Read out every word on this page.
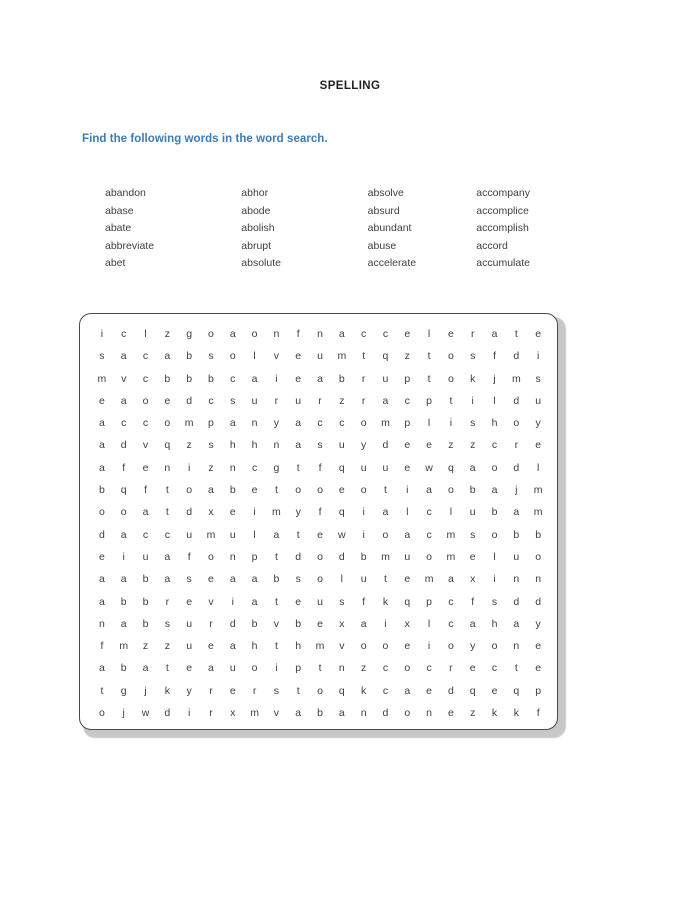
SPELLING
Find the following words in the word search.
abandon
abase
abate
abbreviate
abet
abhor
abode
abolish
abrupt
absolute
absolve
absurd
abundant
abuse
accelerate
accompany
accomplice
accomplish
accord
accumulate
i	c	l	z	g	o	a	o	n	f	n	a	c	c	e	l	e	r	a	t	e
s	a	c	a	b	s	o	l	v	e	u	m	t	q	z	t	o	s	f	d	i
m	v	c	b	b	b	c	a	i	e	a	b	r	u	p	t	o	k	j	m	s
e	a	o	e	d	c	s	u	r	u	r	z	r	a	c	p	t	i	l	d	u
a	c	c	o	m	p	a	n	y	a	c	c	o	m	p	l	i	s	h	o	y
a	d	v	q	z	s	h	h	n	a	s	u	y	d	e	e	z	z	c	r	e
a	f	e	n	i	z	n	c	g	t	f	q	u	u	e	w	q	a	o	d	l
b	q	f	t	o	a	b	e	t	o	o	e	o	t	i	a	o	b	a	j	m
o	o	a	t	d	x	e	i	m	y	f	q	i	a	l	c	l	u	b	a	m
d	a	c	c	u	m	u	l	a	t	e	w	i	o	a	c	m	s	o	b	b
e	i	u	a	f	o	n	p	t	d	o	d	b	m	u	o	m	e	l	u	o
a	a	b	a	s	e	a	a	b	s	o	l	u	t	e	m	a	x	i	n	n
a	b	b	r	e	v	i	a	t	e	u	s	f	k	q	p	c	f	s	d	d
n	a	b	s	u	r	d	b	v	b	e	x	a	i	x	l	c	a	h	a	y
f	m	z	z	u	e	a	h	t	h	m	v	o	o	e	i	o	y	o	n	e
a	b	a	t	e	a	u	o	i	p	t	n	z	c	o	c	r	e	c	t	e
t	g	j	k	y	r	e	r	s	t	o	q	k	c	a	e	d	q	e	q	p
o	j	w	d	i	r	x	m	v	a	b	a	n	d	o	n	e	z	k	k	f
